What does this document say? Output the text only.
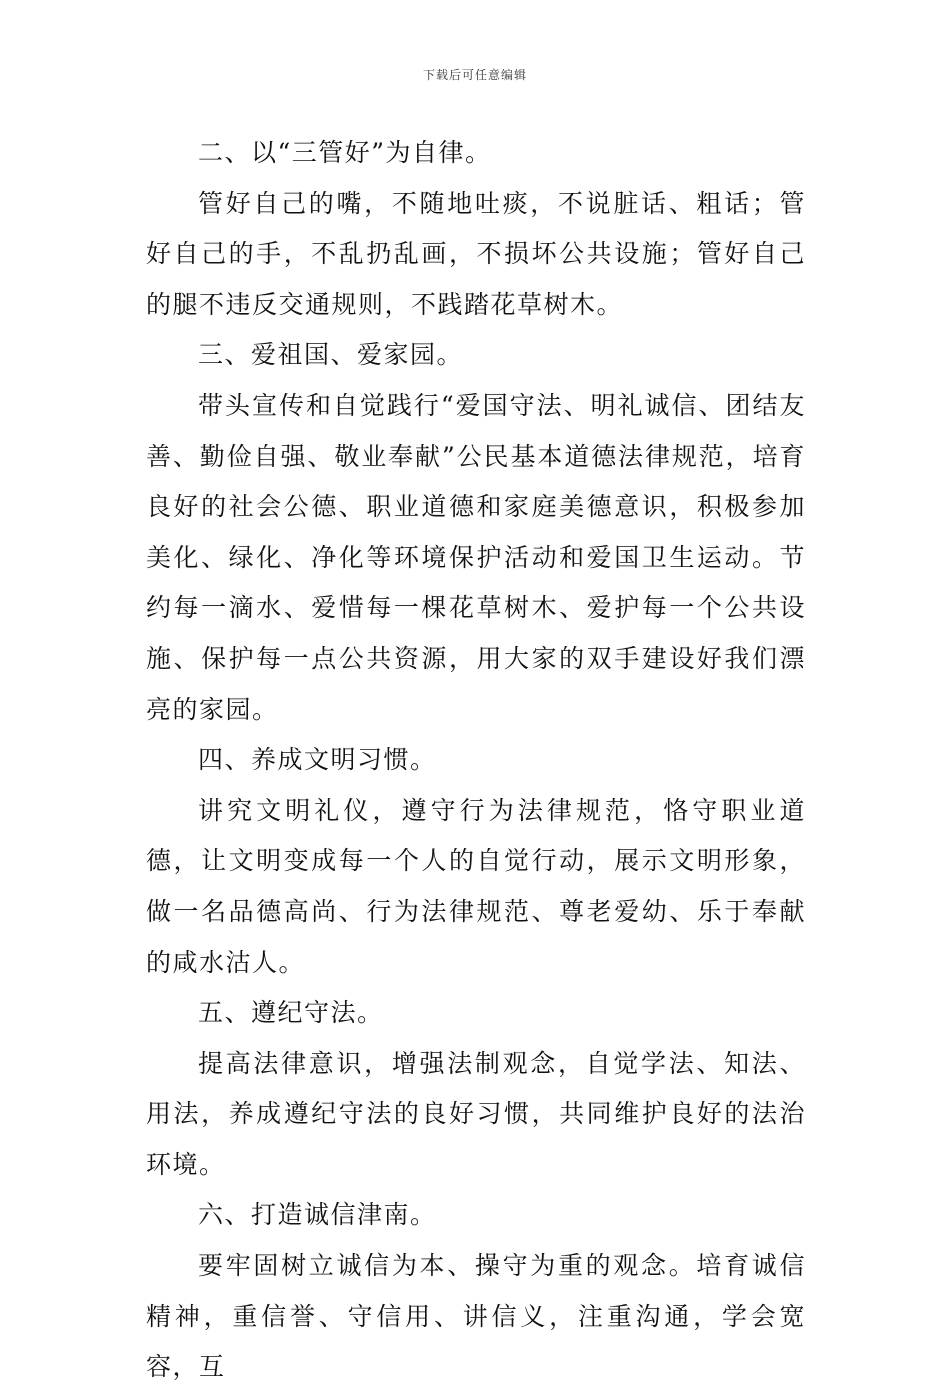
下载后可任意编辑

二、以“三管好”为自律。

管好自己的嘴，不随地吐痰，不说脏话、粗话；管好自己的手，不乱扔乱画，不损坏公共设施；管好自己的腿不违反交通规则，不践踏花草树木。

三、爱祖国、爱家园。

带头宣传和自觉践行“爱国守法、明礼诚信、团结友善、勤俭自强、敬业奉献”公民基本道德法律规范，培育良好的社会公德、职业道德和家庭美德意识，积极参加美化、绿化、净化等环境保护活动和爱国卫生运动。节约每一滴水、爱惜每一棵花草树木、爱护每一个公共设施、保护每一点公共资源，用大家的双手建设好我们漂亮的家园。

四、养成文明习惯。

讲究文明礼仪，遵守行为法律规范，恪守职业道德，让文明变成每一个人的自觉行动，展示文明形象，做一名品德高尚、行为法律规范、尊老爱幼、乐于奉献的咸水沽人。

五、遵纪守法。

提高法律意识，增强法制观念，自觉学法、知法、用法，养成遵纪守法的良好习惯，共同维护良好的法治环境。

六、打造诚信津南。

要牢固树立诚信为本、操守为重的观念。培育诚信精神，重信誉、守信用、讲信义，注重沟通，学会宽容，互
